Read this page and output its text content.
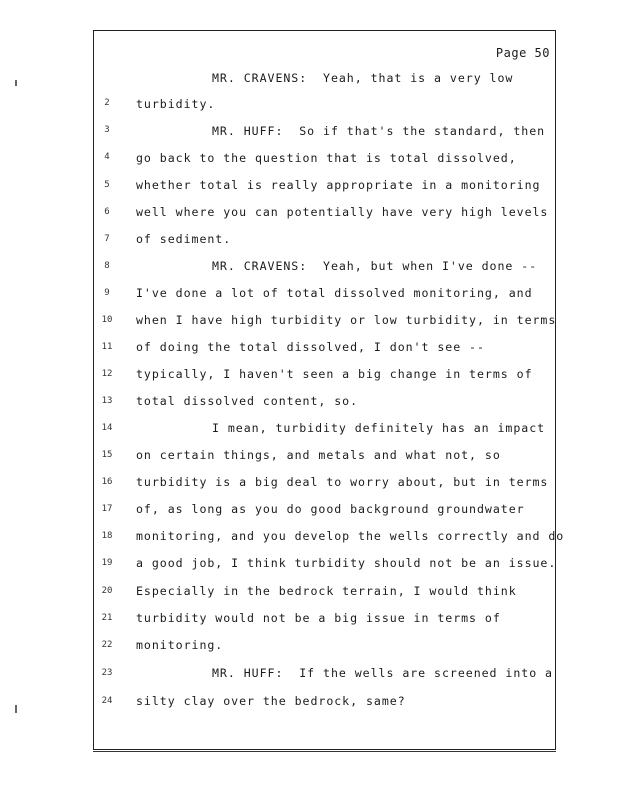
Page 50
MR. CRAVENS:  Yeah, that is a very low
2	turbidity.
3	MR. HUFF:  So if that's the standard, then
4	go back to the question that is total dissolved,
5	whether total is really appropriate in a monitoring
6	well where you can potentially have very high levels
7	of sediment.
8	MR. CRAVENS:  Yeah, but when I've done --
9	I've done a lot of total dissolved monitoring, and
10	when I have high turbidity or low turbidity, in terms
11	of doing the total dissolved, I don't see --
12	typically, I haven't seen a big change in terms of
13	total dissolved content, so.
14	I mean, turbidity definitely has an impact
15	on certain things, and metals and what not, so
16	turbidity is a big deal to worry about, but in terms
17	of, as long as you do good background groundwater
18	monitoring, and you develop the wells correctly and do
19	a good job, I think turbidity should not be an issue.
20	Especially in the bedrock terrain, I would think
21	turbidity would not be a big issue in terms of
22	monitoring.
23	MR. HUFF:  If the wells are screened into a
24	silty clay over the bedrock, same?
